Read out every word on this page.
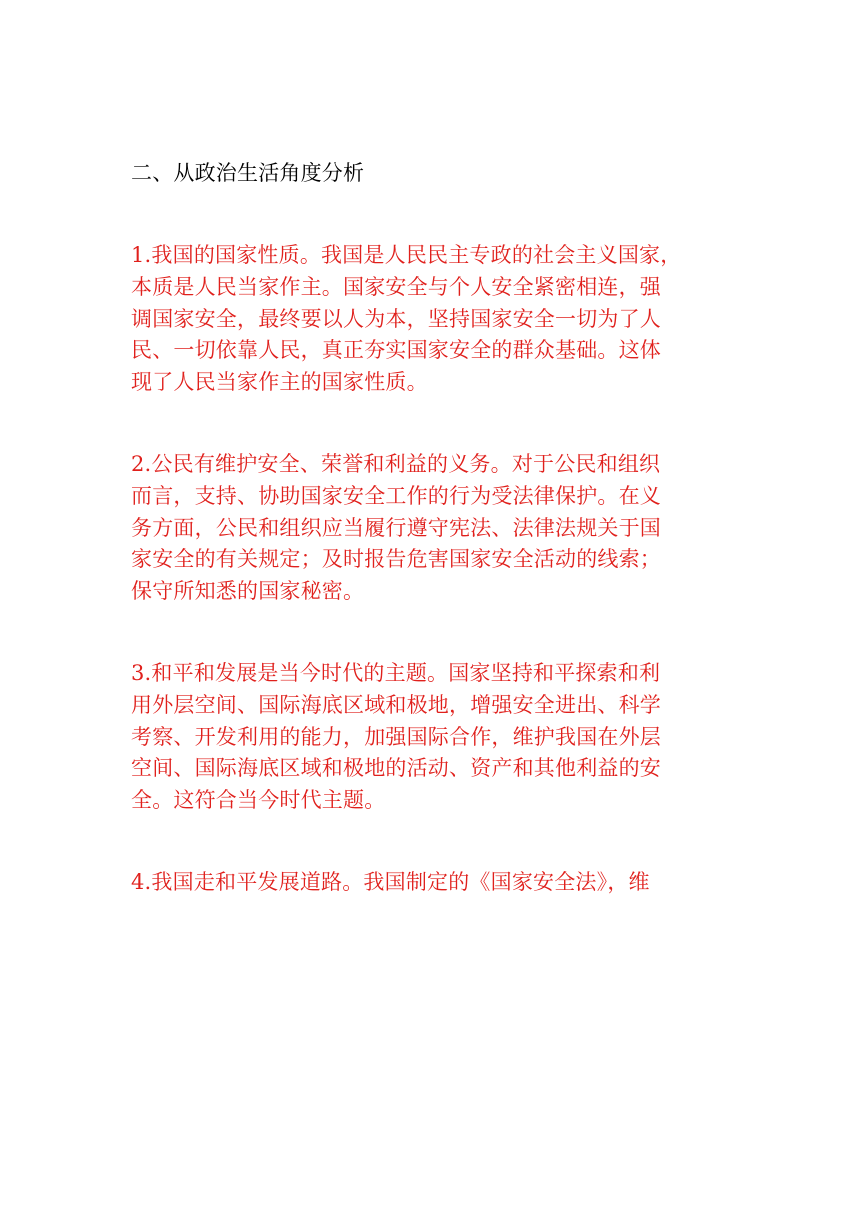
二、从政治生活角度分析
1.我国的国家性质。我国是人民民主专政的社会主义国家，
本质是人民当家作主。国家安全与个人安全紧密相连，强
调国家安全，最终要以人为本，坚持国家安全一切为了人
民、一切依靠人民，真正夯实国家安全的群众基础。这体
现了人民当家作主的国家性质。
2.公民有维护安全、荣誉和利益的义务。对于公民和组织
而言，支持、协助国家安全工作的行为受法律保护。在义
务方面，公民和组织应当履行遵守宪法、法律法规关于国
家安全的有关规定；及时报告危害国家安全活动的线索；
保守所知悉的国家秘密。
3.和平和发展是当今时代的主题。国家坚持和平探索和利
用外层空间、国际海底区域和极地，增强安全进出、科学
考察、开发利用的能力，加强国际合作，维护我国在外层
空间、国际海底区域和极地的活动、资产和其他利益的安
全。这符合当今时代主题。
4.我国走和平发展道路。我国制定的《国家安全法》，维
